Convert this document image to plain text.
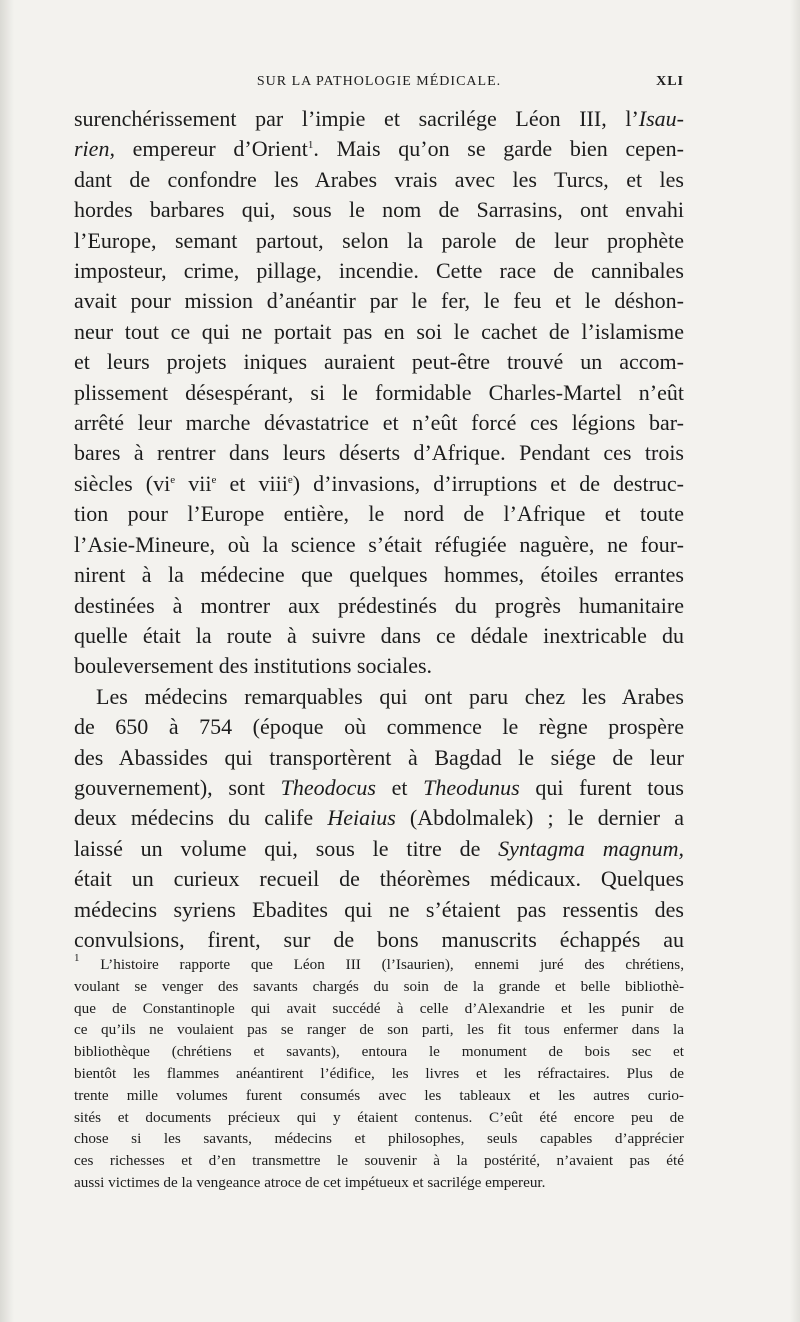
SUR LA PATHOLOGIE MÉDICALE.	XLI

surenchérissement par l’impie et sacrilége Léon III, l’Isau-
rien, empereur d’Orient$^1$. Mais qu’on se garde bien cepen-
dant de confondre les Arabes vrais avec les Turcs, et les
hordes barbares qui, sous le nom de Sarrasins, ont envahi
l’Europe, semant partout, selon la parole de leur prophète
imposteur, crime, pillage, incendie. Cette race de cannibales
avait pour mission d’anéantir par le fer, le feu et le déshon-
neur tout ce qui ne portait pas en soi le cachet de l’islamisme
et leurs projets iniques auraient peut-être trouvé un accom-
plissement désespérant, si le formidable Charles-Martel n’eût
arrêté leur marche dévastatrice et n’eût forcé ces légions bar-
bares à rentrer dans leurs déserts d’Afrique. Pendant ces trois
siècles ($vi^e$ vii$^e$ et viii$^e$) d’invasions, d’irruptions et de destruc-
tion pour l’Europe entière, le nord de l’Afrique et toute
l’Asie-Mineure, où la science s’était réfugiée naguère, ne four-
nirent à la médecine que quelques hommes, étoiles errantes
destinées à montrer aux prédestinés du progrès humanitaire
quelle était la route à suivre dans ce dédale inextricable du
bouleversement des institutions sociales.

Les médecins remarquables qui ont paru chez les Arabes
de 650 à 754 (époque où commence le règne prospère
des Abassides qui transportèrent à Bagdad le siége de leur
gouvernement), sont Theodocus et Theodunus qui furent tous
deux médecins du calife Heiaius (Abdolmalek) ; le dernier a
laissé un volume qui, sous le titre de Syntagma magnum,
était un curieux recueil de théorèmes médicaux. Quelques
médecins syriens Ebadites qui ne s’étaient pas ressentis des
convulsions, firent, sur de bons manuscrits échappés au

$^1$ L’histoire rapporte que Léon III (l’Isaurien), ennemi juré des chrétiens,
voulant se venger des savants chargés du soin de la grande et belle bibliothè-
que de Constantinople qui avait succédé à celle d’Alexandrie et les punir de
ce qu’ils ne voulaient pas se ranger de son parti, les fit tous enfermer dans la
bibliothèque (chrétiens et savants), entoura le monument de bois sec et
bientôt les flammes anéantirent l’édifice, les livres et les réfractaires. Plus de
trente mille volumes furent consumés avec les tableaux et les autres curio-
sités et documents précieux qui y étaient contenus. C’eût été encore peu de
chose si les savants, médecins et philosophes, seuls capables d’apprécier
ces richesses et d’en transmettre le souvenir à la postérité, n’avaient pas été
aussi victimes de la vengeance atroce de cet impétueux et sacrilége empereur.
